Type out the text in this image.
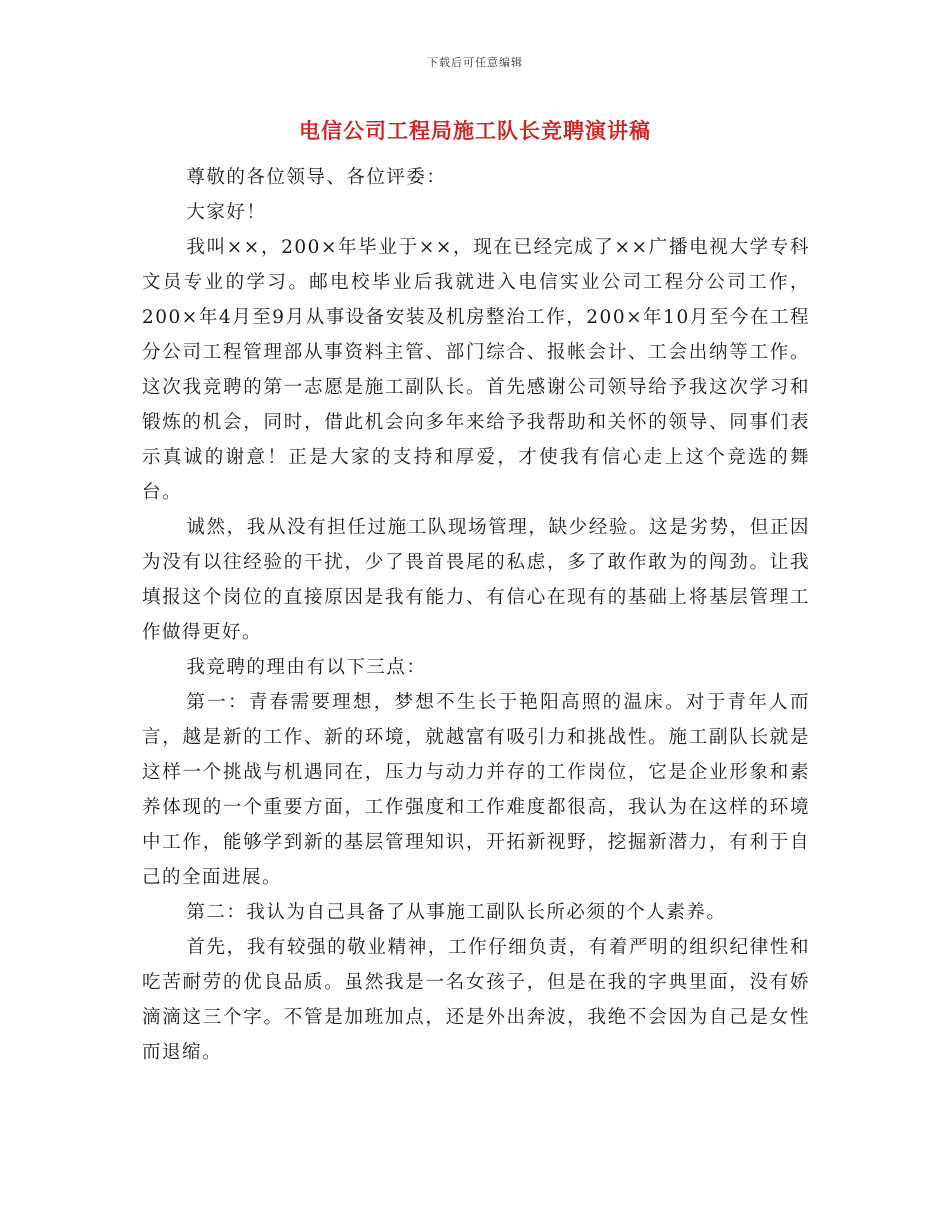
下载后可任意编辑
电信公司工程局施工队长竞聘演讲稿

尊敬的各位领导、各位评委：

大家好！

我叫××，200×年毕业于××，现在已经完成了××广播电视大学专科文员专业的学习。邮电校毕业后我就进入电信实业公司工程分公司工作，200×年4月至9月从事设备安装及机房整治工作，200×年10月至今在工程分公司工程管理部从事资料主管、部门综合、报帐会计、工会出纳等工作。这次我竞聘的第一志愿是施工副队长。首先感谢公司领导给予我这次学习和锻炼的机会，同时，借此机会向多年来给予我帮助和关怀的领导、同事们表示真诚的谢意！正是大家的支持和厚爱，才使我有信心走上这个竞选的舞台。

诚然，我从没有担任过施工队现场管理，缺少经验。这是劣势，但正因为没有以往经验的干扰，少了畏首畏尾的私虑，多了敢作敢为的闯劲。让我填报这个岗位的直接原因是我有能力、有信心在现有的基础上将基层管理工作做得更好。

我竞聘的理由有以下三点：

第一：青春需要理想，梦想不生长于艳阳高照的温床。对于青年人而言，越是新的工作、新的环境，就越富有吸引力和挑战性。施工副队长就是这样一个挑战与机遇同在，压力与动力并存的工作岗位，它是企业形象和素养体现的一个重要方面，工作强度和工作难度都很高，我认为在这样的环境中工作，能够学到新的基层管理知识，开拓新视野，挖掘新潜力，有利于自己的全面进展。

第二：我认为自己具备了从事施工副队长所必须的个人素养。

首先，我有较强的敬业精神，工作仔细负责，有着严明的组织纪律性和吃苦耐劳的优良品质。虽然我是一名女孩子，但是在我的字典里面，没有娇滴滴这三个字。不管是加班加点，还是外出奔波，我绝不会因为自己是女性而退缩。
